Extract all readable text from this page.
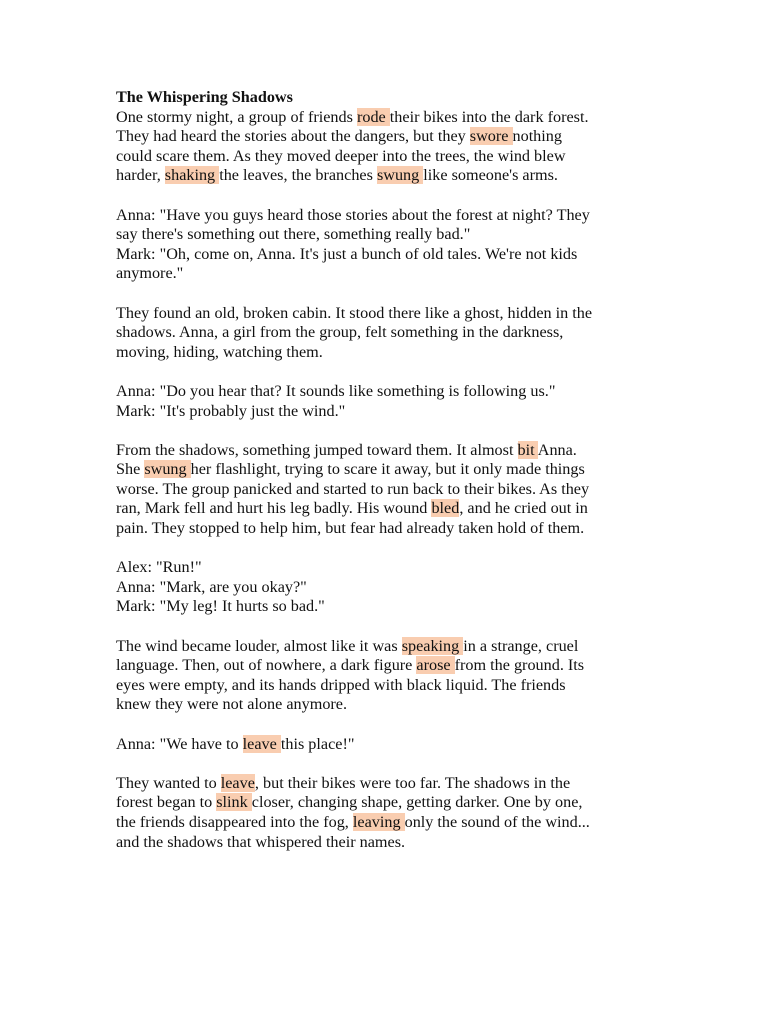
The Whispering Shadows
One stormy night, a group of friends rode their bikes into the dark forest.
They had heard the stories about the dangers, but they swore nothing
could scare them. As they moved deeper into the trees, the wind blew
harder, shaking the leaves, the branches swung like someone's arms.
Anna: "Have you guys heard those stories about the forest at night? They
say there's something out there, something really bad."
Mark: "Oh, come on, Anna. It's just a bunch of old tales. We're not kids
anymore."
They found an old, broken cabin. It stood there like a ghost, hidden in the
shadows. Anna, a girl from the group, felt something in the darkness,
moving, hiding, watching them.
Anna: "Do you hear that? It sounds like something is following us."
Mark: "It's probably just the wind."
From the shadows, something jumped toward them. It almost bit Anna.
She swung her flashlight, trying to scare it away, but it only made things
worse. The group panicked and started to run back to their bikes. As they
ran, Mark fell and hurt his leg badly. His wound bled, and he cried out in
pain. They stopped to help him, but fear had already taken hold of them.
Alex: "Run!"
Anna: "Mark, are you okay?"
Mark: "My leg! It hurts so bad."
The wind became louder, almost like it was speaking in a strange, cruel
language. Then, out of nowhere, a dark figure arose from the ground. Its
eyes were empty, and its hands dripped with black liquid. The friends
knew they were not alone anymore.
Anna: "We have to leave this place!"
They wanted to leave, but their bikes were too far. The shadows in the
forest began to slink closer, changing shape, getting darker. One by one,
the friends disappeared into the fog, leaving only the sound of the wind...
and the shadows that whispered their names.
